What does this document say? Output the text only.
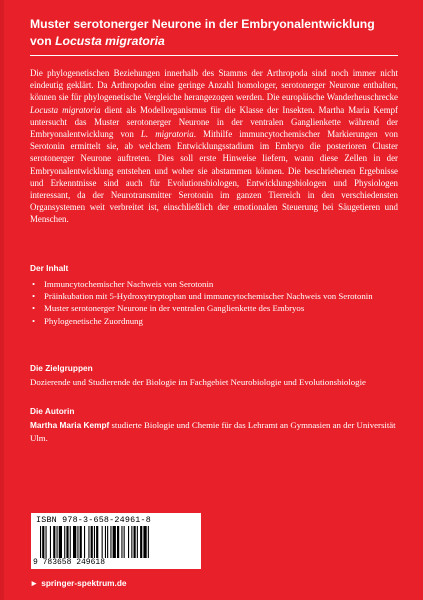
Muster serotonerger Neurone in der Embryonalentwicklung
von Locusta migratoria
Die phylogenetischen Beziehungen innerhalb des Stamms der Arthropoda sind noch immer nicht eindeutig geklärt. Da Arthropoden eine geringe Anzahl homologer, serotonerger Neurone enthalten, können sie für phylogenetische Vergleiche herangezogen werden. Die europäische Wanderheuschrecke Locusta migratoria dient als Modellorganismus für die Klasse der Insekten. Martha Maria Kempf untersucht das Muster serotonerger Neurone in der ventralen Ganglienkette während der Embryonalentwicklung von L. migratoria. Mithilfe immuncytochemischer Markierungen von Serotonin ermittelt sie, ab welchem Entwicklungsstadium im Embryo die posterioren Cluster serotonerger Neurone auftreten. Dies soll erste Hinweise liefern, wann diese Zellen in der Embryonalentwicklung entstehen und woher sie abstammen können. Die beschriebenen Ergebnisse und Erkenntnisse sind auch für Evolutionsbiologen, Entwicklungsbiologen und Physiologen interessant, da der Neurotransmitter Serotonin im ganzen Tierreich in den verschiedensten Organsystemen weit verbreitet ist, einschließlich der emotionalen Steuerung bei Säugetieren und Menschen.
Der Inhalt
• Immuncytochemischer Nachweis von Serotonin
• Präinkubation mit 5-Hydroxytryptophan und immuncytochemischer Nachweis von Serotonin
• Muster serotonerger Neurone in der ventralen Ganglienkette des Embryos
• Phylogenetische Zuordnung
Die Zielgruppen
Dozierende und Studierende der Biologie im Fachgebiet Neurobiologie und Evolutionsbiologie
Die Autorin
Martha Maria Kempf studierte Biologie und Chemie für das Lehramt an Gymnasien an der Universität Ulm.
ISBN 978-3-658-24961-8
9 783658 249618
► springer-spektrum.de
